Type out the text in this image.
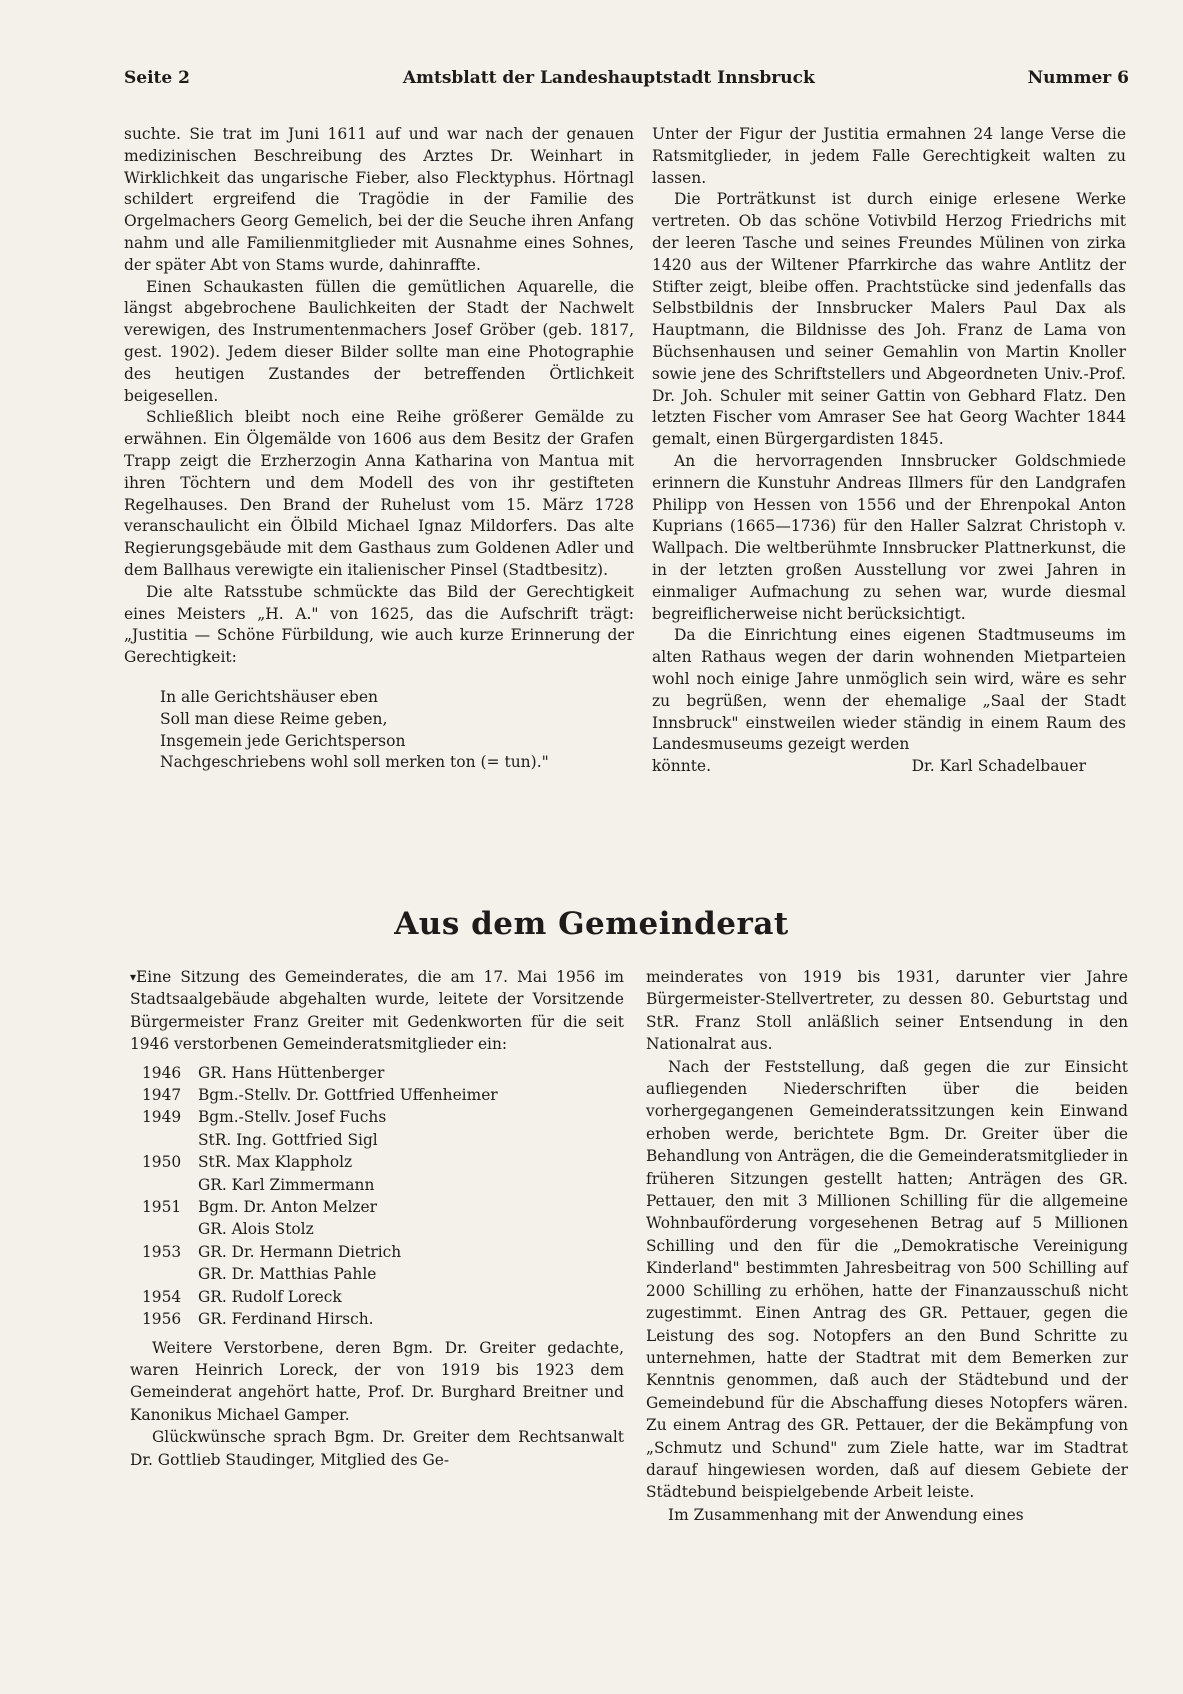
Seite 2	Amtsblatt der Landeshauptstadt Innsbruck	Nummer 6

suchte. Sie trat im Juni 1611 auf und war nach der genauen medizinischen Beschreibung des Arztes Dr. Weinhart in Wirklichkeit das ungarische Fieber, also Flecktyphus. Hörtnagl schildert ergreifend die Tragödie in der Familie des Orgelmachers Georg Gemelich, bei der die Seuche ihren Anfang nahm und alle Familienmitglieder mit Ausnahme eines Sohnes, der später Abt von Stams wurde, dahinraffte.

Einen Schaukasten füllen die gemütlichen Aquarelle, die längst abgebrochene Baulichkeiten der Stadt der Nachwelt verewigen, des Instrumentenmachers Josef Gröber (geb. 1817, gest. 1902). Jedem dieser Bilder sollte man eine Photographie des heutigen Zustandes der betreffenden Örtlichkeit beigesellen.

Schließlich bleibt noch eine Reihe größerer Gemälde zu erwähnen. Ein Ölgemälde von 1606 aus dem Besitz der Grafen Trapp zeigt die Erzherzogin Anna Katharina von Mantua mit ihren Töchtern und dem Modell des von ihr gestifteten Regelhauses. Den Brand der Ruhelust vom 15. März 1728 veranschaulicht ein Ölbild Michael Ignaz Mildorfers. Das alte Regierungsgebäude mit dem Gasthaus zum Goldenen Adler und dem Ballhaus verewigte ein italienischer Pinsel (Stadtbesitz).

Die alte Ratsstube schmückte das Bild der Gerechtigkeit eines Meisters „H. A." von 1625, das die Aufschrift trägt: „Justitia — Schöne Fürbildung, wie auch kurze Erinnerung der Gerechtigkeit:

In alle Gerichtshäuser eben
Soll man diese Reime geben,
Insgemein jede Gerichtsperson
Nachgeschriebens wohl soll merken ton (= tun)."

Unter der Figur der Justitia ermahnen 24 lange Verse die Ratsmitglieder, in jedem Falle Gerechtigkeit walten zu lassen.

Die Porträtkunst ist durch einige erlesene Werke vertreten. Ob das schöne Votivbild Herzog Friedrichs mit der leeren Tasche und seines Freundes Mülinen von zirka 1420 aus der Wiltener Pfarrkirche das wahre Antlitz der Stifter zeigt, bleibe offen. Prachtstücke sind jedenfalls das Selbstbildnis der Innsbrucker Malers Paul Dax als Hauptmann, die Bildnisse des Joh. Franz de Lama von Büchsenhausen und seiner Gemahlin von Martin Knoller sowie jene des Schriftstellers und Abgeordneten Univ.-Prof. Dr. Joh. Schuler mit seiner Gattin von Gebhard Flatz. Den letzten Fischer vom Amraser See hat Georg Wachter 1844 gemalt, einen Bürgergardisten 1845.

An die hervorragenden Innsbrucker Goldschmiede erinnern die Kunstuhr Andreas Illmers für den Landgrafen Philipp von Hessen von 1556 und der Ehrenpokal Anton Kuprians (1665—1736) für den Haller Salzrat Christoph v. Wallpach. Die weltberühmte Innsbrucker Plattnerkunst, die in der letzten großen Ausstellung vor zwei Jahren in einmaliger Aufmachung zu sehen war, wurde diesmal begreiflicherweise nicht berücksichtigt.

Da die Einrichtung eines eigenen Stadtmuseums im alten Rathaus wegen der darin wohnenden Mietparteien wohl noch einige Jahre unmöglich sein wird, wäre es sehr zu begrüßen, wenn der ehemalige „Saal der Stadt Innsbruck" einstweilen wieder ständig in einem Raum des Landesmuseums gezeigt werden

könnte.	Dr. Karl Schadelbauer
Aus dem Gemeinderat

▾Eine Sitzung des Gemeinderates, die am 17. Mai 1956 im Stadtsaalgebäude abgehalten wurde, leitete der Vorsitzende Bürgermeister Franz Greiter mit Gedenkworten für die seit 1946 verstorbenen Gemeinderatsmitglieder ein:

1946	GR. Hans Hüttenberger
1947	Bgm.-Stellv. Dr. Gottfried Uffenheimer
1949	Bgm.-Stellv. Josef Fuchs
StR. Ing. Gottfried Sigl
1950	StR. Max Klappholz
GR. Karl Zimmermann
1951	Bgm. Dr. Anton Melzer
GR. Alois Stolz
1953	GR. Dr. Hermann Dietrich
GR. Dr. Matthias Pahle
1954	GR. Rudolf Loreck
1956	GR. Ferdinand Hirsch.

Weitere Verstorbene, deren Bgm. Dr. Greiter gedachte, waren Heinrich Loreck, der von 1919 bis 1923 dem Gemeinderat angehört hatte, Prof. Dr. Burghard Breitner und Kanonikus Michael Gamper.

Glückwünsche sprach Bgm. Dr. Greiter dem Rechtsanwalt Dr. Gottlieb Staudinger, Mitglied des Ge-

meinderates von 1919 bis 1931, darunter vier Jahre Bürgermeister-Stellvertreter, zu dessen 80. Geburtstag und StR. Franz Stoll anläßlich seiner Entsendung in den Nationalrat aus.

Nach der Feststellung, daß gegen die zur Einsicht aufliegenden Niederschriften über die beiden vorhergegangenen Gemeinderatssitzungen kein Einwand erhoben werde, berichtete Bgm. Dr. Greiter über die Behandlung von Anträgen, die die Gemeinderatsmitglieder in früheren Sitzungen gestellt hatten; Anträgen des GR. Pettauer, den mit 3 Millionen Schilling für die allgemeine Wohnbauförderung vorgesehenen Betrag auf 5 Millionen Schilling und den für die „Demokratische Vereinigung Kinderland" bestimmten Jahresbeitrag von 500 Schilling auf 2000 Schilling zu erhöhen, hatte der Finanzausschuß nicht zugestimmt. Einen Antrag des GR. Pettauer, gegen die Leistung des sog. Notopfers an den Bund Schritte zu unternehmen, hatte der Stadtrat mit dem Bemerken zur Kenntnis genommen, daß auch der Städtebund und der Gemeindebund für die Abschaffung dieses Notopfers wären. Zu einem Antrag des GR. Pettauer, der die Bekämpfung von „Schmutz und Schund" zum Ziele hatte, war im Stadtrat darauf hingewiesen worden, daß auf diesem Gebiete der Städtebund beispielgebende Arbeit leiste.

Im Zusammenhang mit der Anwendung eines
